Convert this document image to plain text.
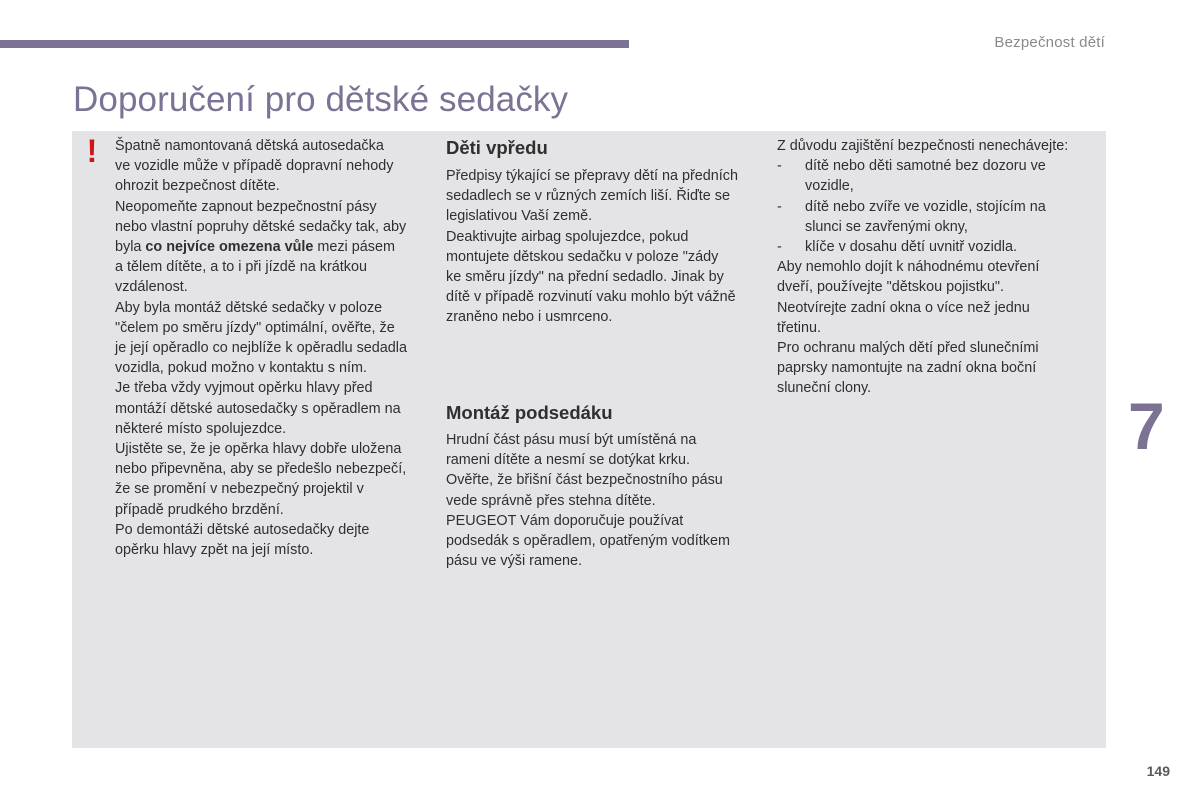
Bezpečnost dětí
Doporučení pro dětské sedačky
! Špatně namontovaná dětská autosedačka

ve vozidle může v případě dopravní nehody

ohrozit bezpečnost dítěte.

Neopomeňte zapnout bezpečnostní pásy

nebo vlastní popruhy dětské sedačky tak, aby

byla co nejvíce omezena vůle mezi pásem

a tělem dítěte, a to i při jízdě na krátkou

vzdálenost.

Aby byla montáž dětské sedačky v poloze

"čelem po směru jízdy" optimální, ověřte, že

je její opěradlo co nejblíže k opěradlu sedadla

vozidla, pokud možno v kontaktu s ním.

Je třeba vždy vyjmout opěrku hlavy před

montáží dětské autosedačky s opěradlem na

některé místo spolujezdce.

Ujistěte se, že je opěrka hlavy dobře uložena

nebo připevněna, aby se předešlo nebezpečí,

že se promění v nebezpečný projektil v

případě prudkého brzdění.

Po demontáži dětské autosedačky dejte

opěrku hlavy zpět na její místo.

Děti vpředu

Předpisy týkající se přepravy dětí na předních

sedadlech se v různých zemích liší. Řiďte se

legislativou Vaší země.

Deaktivujte airbag spolujezdce, pokud

montujete dětskou sedačku v poloze "zády

ke směru jízdy" na přední sedadlo. Jinak by

dítě v případě rozvinutí vaku mohlo být vážně

zraněno nebo i usmrceno.

Montáž podsedáku

Hrudní část pásu musí být umístěná na

rameni dítěte a nesmí se dotýkat krku.

Ověřte, že břišní část bezpečnostního pásu

vede správně přes stehna dítěte.

PEUGEOT Vám doporučuje používat

podsedák s opěradlem, opatřeným vodítkem

pásu ve výši ramene.

Z důvodu zajištění bezpečnosti nenechávejte:

- dítě nebo děti samotné bez dozoru ve

vozidle,

- dítě nebo zvíře ve vozidle, stojícím na

slunci se zavřenými okny,

- klíče v dosahu dětí uvnitř vozidla.

Aby nemohlo dojít k náhodnému otevření

dveří, používejte "dětskou pojistku".

Neotvírejte zadní okna o více než jednu

třetinu.

Pro ochranu malých dětí před slunečními

paprsky namontujte na zadní okna boční

sluneční clony.

7
149
